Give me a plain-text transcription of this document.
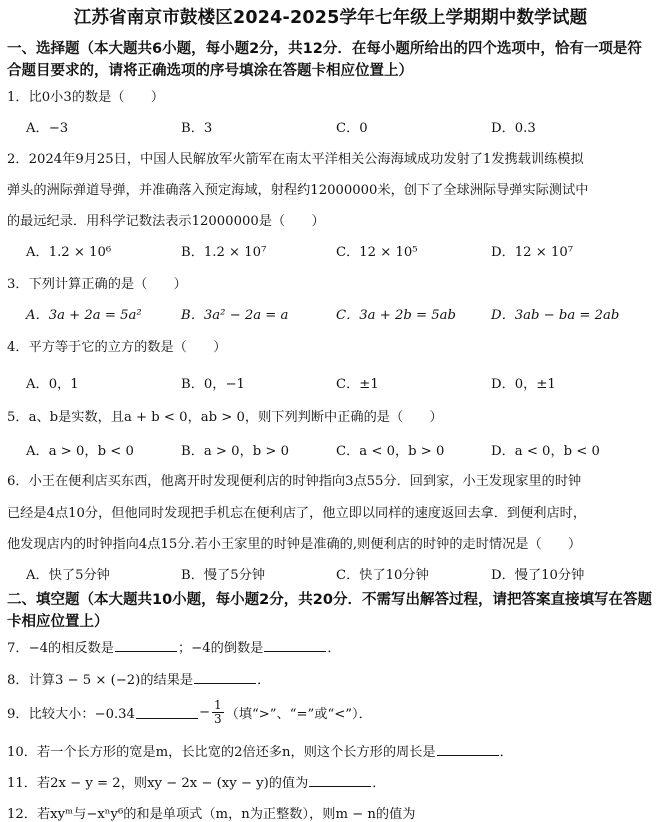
江苏省南京市鼓楼区2024-2025学年七年级上学期期中数学试题
一、选择题（本大题共6小题，每小题2分，共12分．在每小题所给出的四个选项中，恰有一项是符合题目要求的，请将正确选项的序号填涂在答题卡相应位置上）
1．比0小3的数是（　　）
A．−3	B．3	C．0	D．0.3
2．2024年9月25日，中国人民解放军火箭军在南太平洋相关公海海域成功发射了1发携载训练模拟
弹头的洲际弹道导弹，并准确落入预定海域，射程约12000000米，创下了全球洲际导弹实际测试中
的最远纪录．用科学记数法表示12000000是（　　）
A．1.2 × 10⁶	B．1.2 × 10⁷	C．12 × 10⁵	D．12 × 10⁷
3．下列计算正确的是（　　）
A．3a + 2a = 5a²	B．3a² − 2a = a	C．3a + 2b = 5ab	D．3ab − ba = 2ab
4．平方等于它的立方的数是（　　）
A．0，1	B．0，−1	C．±1	D．0，±1
5．a、b是实数，且a + b < 0，ab > 0，则下列判断中正确的是（　　）
A．a > 0，b < 0	B．a > 0，b > 0	C．a < 0，b > 0	D．a < 0，b < 0
6．小王在便利店买东西，他离开时发现便利店的时钟指向3点55分．回到家，小王发现家里的时钟
已经是4点10分，但他同时发现把手机忘在便利店了，他立即以同样的速度返回去拿．到便利店时，
他发现店内的时钟指向4点15分.若小王家里的时钟是准确的,则便利店的时钟的走时情况是（　　）
A．快了5分钟	B．慢了5分钟	C．快了10分钟	D．慢了10分钟
二、填空题（本大题共10小题，每小题2分，共20分．不需写出解答过程，请把答案直接填写在答题卡相应位置上）
7．−4的相反数是	；−4的倒数是	．
8．计算3 − 5 × (−2)的结果是	．
9．比较大小：−0.34	− $\frac{1}{3}$ （填“>”、“=”或“<”）．
10．若一个长方形的宽是m，长比宽的2倍还多n，则这个长方形的周长是	．
11．若2x − y = 2，则xy − 2x − (xy − y)的值为	．
12．若xyᵐ与−xⁿy⁶的和是单项式（m，n为正整数），则m − n的值为
